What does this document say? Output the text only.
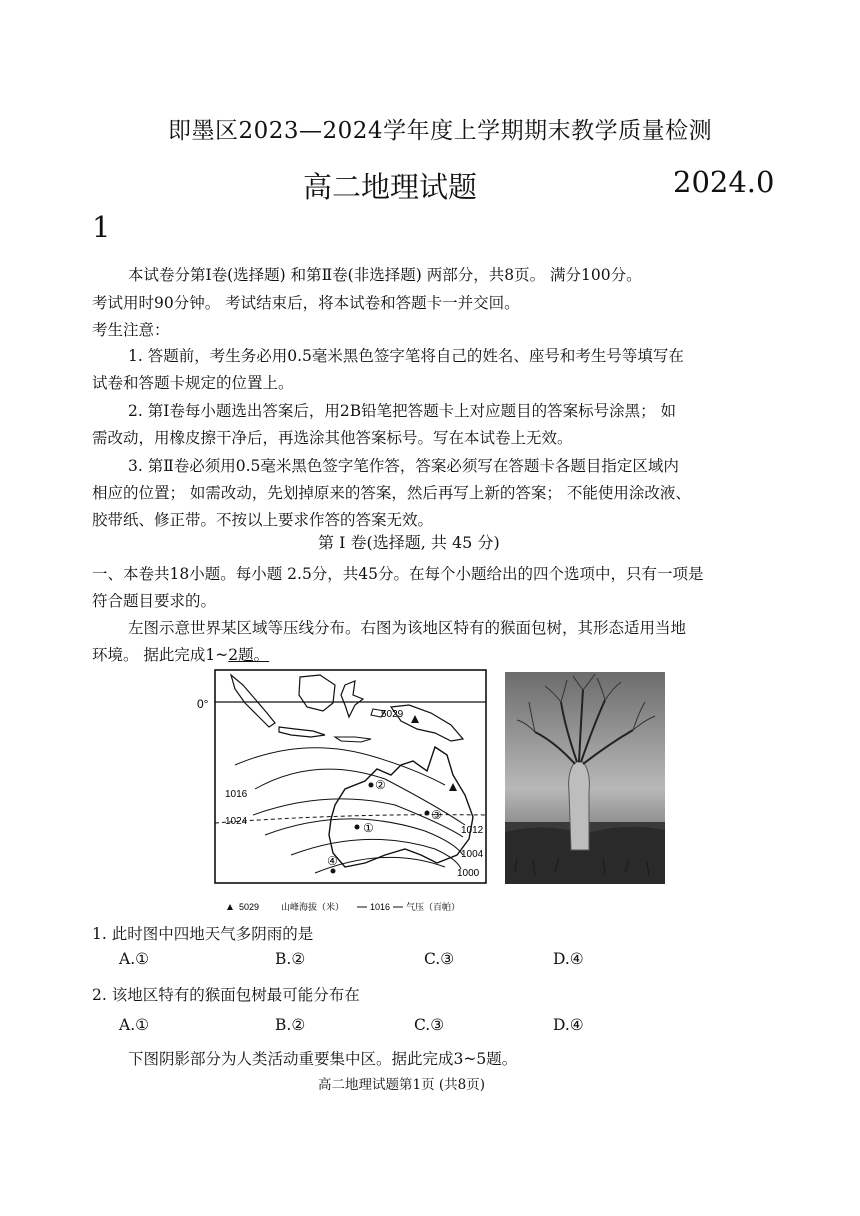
即墨区2023—2024学年度上学期期末教学质量检测
高二地理试题	2024.0
1
本试卷分第Ⅰ卷(选择题) 和第Ⅱ卷(非选择题) 两部分，共8页。 满分100分。
考试用时90分钟。 考试结束后，将本试卷和答题卡一并交回。
考生注意：
1. 答题前，考生务必用0.5毫米黑色签字笔将自己的姓名、座号和考生号等填写在
试卷和答题卡规定的位置上。
2. 第Ⅰ卷每小题选出答案后，用2B铅笔把答题卡上对应题目的答案标号涂黑； 如
需改动，用橡皮擦干净后，再选涂其他答案标号。写在本试卷上无效。
3. 第Ⅱ卷必须用0.5毫米黑色签字笔作答，答案必须写在答题卡各题目指定区域内
相应的位置； 如需改动，先划掉原来的答案，然后再写上新的答案； 不能使用涂改液、
胶带纸、修正带。不按以上要求作答的答案无效。
第 Ⅰ 卷(选择题, 共 45 分)
一、本卷共18小题。每小题 2.5分，共45分。在每个小题给出的四个选项中，只有一项是
符合题目要求的。
左图示意世界某区域等压线分布。右图为该地区特有的猴面包树，其形态适用当地
环境。 据此完成1~2题。
0°
5029
1016
1024
1012
1004
1000
①
②
③
④
5029 山峰海拔（米）	1016 气压（百帕）
1. 此时图中四地天气多阴雨的是
A.①	B.②	C.③	D.④
2. 该地区特有的猴面包树最可能分布在
A.①	B.②	C.③	D.④
下图阴影部分为人类活动重要集中区。据此完成3~5题。
高二地理试题第1页 (共8页)
